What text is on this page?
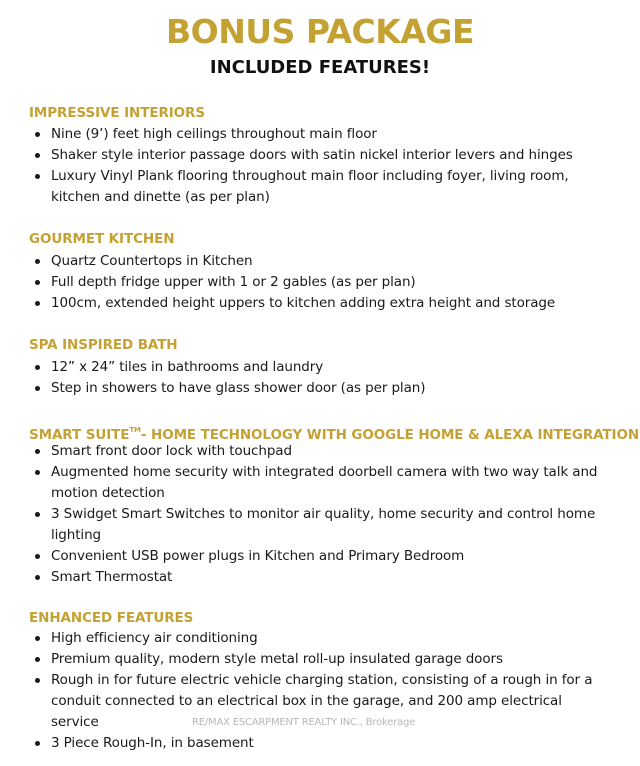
BONUS PACKAGE
INCLUDED FEATURES!
IMPRESSIVE INTERIORS
Nine (9’) feet high ceilings throughout main floor
Shaker style interior passage doors with satin nickel interior levers and hinges
Luxury Vinyl Plank flooring throughout main floor including foyer, living room, kitchen and dinette (as per plan)
GOURMET KITCHEN
Quartz Countertops in Kitchen
Full depth fridge upper with 1 or 2 gables (as per plan)
100cm, extended height uppers to kitchen adding extra height and storage
SPA INSPIRED BATH
12” x 24” tiles in bathrooms and laundry
Step in showers to have glass shower door (as per plan)
SMART SUITE™- HOME TECHNOLOGY WITH GOOGLE HOME & ALEXA INTEGRATION
Smart front door lock with touchpad
Augmented home security with integrated doorbell camera with two way talk and motion detection
3 Swidget Smart Switches to monitor air quality, home security and control home lighting
Convenient USB power plugs in Kitchen and Primary Bedroom
Smart Thermostat
ENHANCED FEATURES
High efficiency air conditioning
Premium quality, modern style metal roll-up insulated garage doors
Rough in for future electric vehicle charging station, consisting of a rough in for a conduit connected to an electrical box in the garage, and 200 amp electrical service
3 Piece Rough-In, in basement
RE/MAX ESCARPMENT REALTY INC., Brokerage
